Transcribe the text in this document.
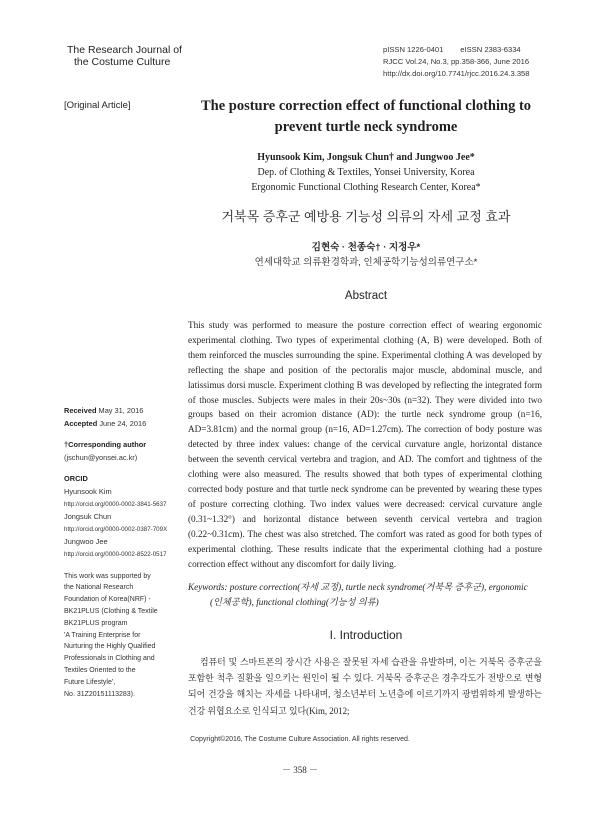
The Research Journal of
the Costume Culture
pISSN 1226-0401 eISSN 2383-6334
RJCC Vol.24, No.3, pp.358-366, June 2016
http://dx.doi.org/10.7741/rjcc.2016.24.3.358
[Original Article]	The posture correction effect of functional clothing to
prevent turtle neck syndrome
Hyunsook Kim, Jongsuk Chun† and Jungwoo Jee*
Dep. of Clothing & Textiles, Yonsei University, Korea
Ergonomic Functional Clothing Research Center, Korea*
거북목 증후군 예방용 기능성 의류의 자세 교정 효과
김현숙 · 천종숙† · 지정우*
연세대학교 의류환경학과, 인체공학기능성의류연구소*
Abstract

This study was performed to measure the posture correction effect of wearing ergonomic experimental clothing. Two types of experimental clothing (A, B) were developed. Both of them reinforced the muscles surrounding the spine. Experimental clothing A was developed by reflecting the shape and position of the pectoralis major muscle, abdominal muscle, and latissimus dorsi muscle. Experiment clothing B was developed by reflecting the integrated form of those muscles. Subjects were males in their 20s~30s (n=32). They were divided into two groups based on their acromion distance (AD): the turtle neck syndrome group (n=16, AD=3.81cm) and the normal group (n=16, AD=1.27cm). The correction of body posture was detected by three index values: change of the cervical curvature angle, horizontal distance between the seventh cervical vertebra and tragion, and AD. The comfort and tightness of the clothing were also measured. The results showed that both types of experimental clothing corrected body posture and that turtle neck syndrome can be prevented by wearing these types of posture correcting clothing. Two index values were decreased: cervical curvature angle (0.31~1.32°) and horizontal distance between seventh cervical vertebra and tragion (0.22~0.31cm). The chest was also stretched. The comfort was rated as good for both types of experimental clothing. These results indicate that the experimental clothing had a posture correction effect without any discomfort for daily living.

Keywords: posture correction(자세 교정), turtle neck syndrome(거북목 증후군), ergonomic
(인체공학), functional clothing(기능성 의류)
Received May 31, 2016
Accepted June 24, 2016
†Corresponding author
(jschun@yonsei.ac.kr)
ORCID
Hyunsook Kim
http://orcid.org/0000-0002-3841-5637
Jongsuk Chun
http://orcid.org/0000-0002-0387-709X
Jungwoo Jee
http://orcid.org/0000-0002-8522-0517
This work was supported by
the National Research
Foundation of Korea(NRF) -
BK21PLUS (Clothing & Textile
BK21PLUS program
'A Training Enterprise for
Nurturing the Highly Qualified
Professionals in Clothing and
Textiles Oriented to the
Future Lifestyle',
No. 31Z20151113283).
I. Introduction

컴퓨터 및 스마트폰의 장시간 사용은 잘못된 자세 습관을 유발하며, 이는 거북목 증후군을 포함한 척추 질환을 일으키는 원인이 될 수 있다. 거북목 증후군은 경추각도가 전방으로 변형되어 건강을 해치는 자세를 나타내며, 청소년부터 노년층에 이르기까지 광범위하게 발생하는 건강 위협요소로 인식되고 있다(Kim, 2012;

Copyright©2016, The Costume Culture Association. All rights reserved.
－ 358 －
